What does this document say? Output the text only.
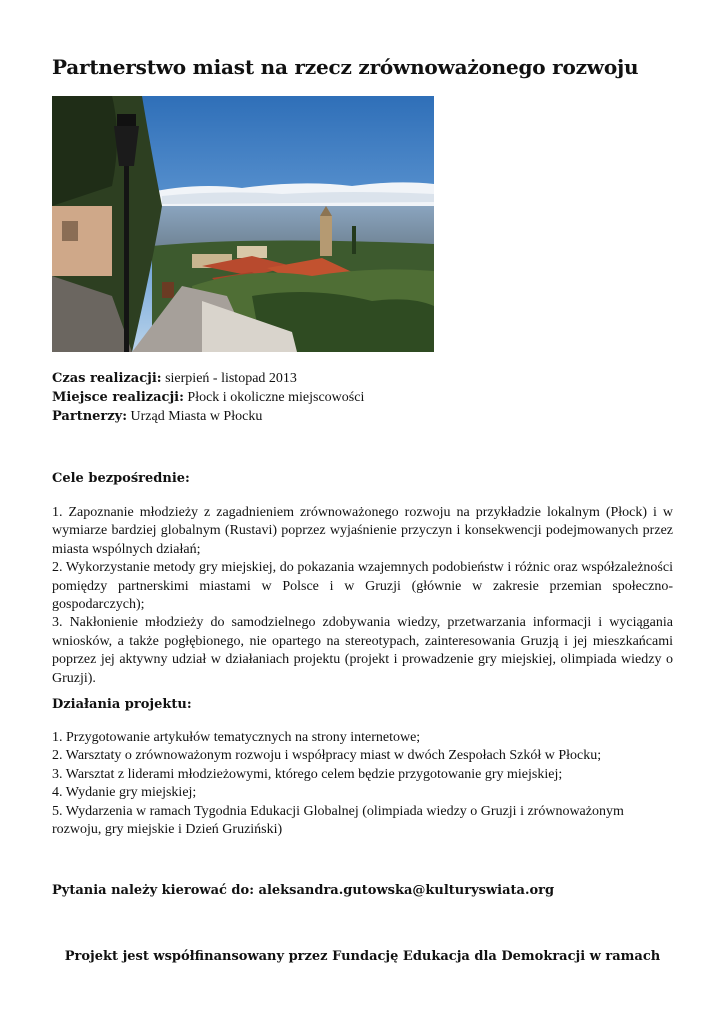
Partnerstwo miast na rzecz zrównoważonego rozwoju
Czas realizacji: sierpień - listopad 2013
Miejsce realizacji: Płock i okoliczne miejscowości
Partnerzy: Urząd Miasta w Płocku

Cele bezpośrednie:

1. Zapoznanie młodzieży z zagadnieniem zrównoważonego rozwoju na przykładzie lokalnym (Płock) i w wymiarze bardziej globalnym (Rustavi) poprzez wyjaśnienie przyczyn i konsekwencji podejmowanych przez miasta wspólnych działań;
2. Wykorzystanie metody gry miejskiej, do pokazania wzajemnych podobieństw i różnic oraz współzależności pomiędzy partnerskimi miastami w Polsce i w Gruzji (głównie w zakresie przemian społeczno-gospodarczych);
3. Nakłonienie młodzieży do samodzielnego zdobywania wiedzy, przetwarzania informacji i wyciągania wniosków, a także pogłębionego, nie opartego na stereotypach, zainteresowania Gruzją i jej mieszkańcami poprzez jej aktywny udział w działaniach projektu (projekt i prowadzenie gry miejskiej, olimpiada wiedzy o Gruzji).

Działania projektu:

1. Przygotowanie artykułów tematycznych na strony internetowe;
2. Warsztaty o zrównoważonym rozwoju i współpracy miast w dwóch Zespołach Szkół w Płocku;
3. Warsztat z liderami młodzieżowymi, którego celem będzie przygotowanie gry miejskiej;
4. Wydanie gry miejskiej;
5. Wydarzenia w ramach Tygodnia Edukacji Globalnej (olimpiada wiedzy o Gruzji i zrównoważonym rozwoju, gry miejskie i Dzień Gruziński)

Pytania należy kierować do: aleksandra.gutowska@kulturyswiata.org

Projekt jest współfinansowany przez Fundację Edukacja dla Demokracji w ramach
